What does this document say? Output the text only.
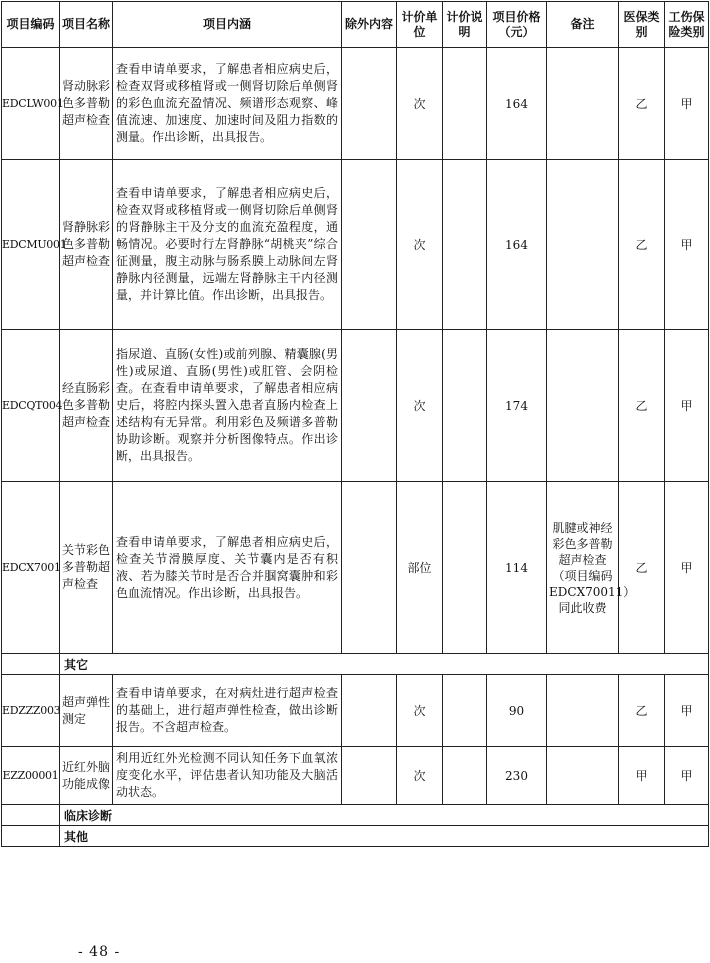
项目编码	项目名称	项目内涵	除外内容	计价单位	计价说明	项目价格（元）	备注	医保类别	工伤保险类别
EDCLW001	肾动脉彩色多普勒超声检查	查看申请单要求，了解患者相应病史后，检查双肾或移植肾或一侧肾切除后单侧肾的彩色血流充盈情况、频谱形态观察、峰值流速、加速度、加速时间及阻力指数的测量。作出诊断，出具报告。		次		164		乙	甲
EDCMU001	肾静脉彩色多普勒超声检查	查看申请单要求，了解患者相应病史后，检查双肾或移植肾或一侧肾切除后单侧肾的肾静脉主干及分支的血流充盈程度，通畅情况。必要时行左肾静脉“胡桃夹”综合征测量，腹主动脉与肠系膜上动脉间左肾静脉内径测量，远端左肾静脉主干内径测量，并计算比值。作出诊断，出具报告。		次		164		乙	甲
EDCQT004	经直肠彩色多普勒超声检查	指尿道、直肠(女性)或前列腺、精囊腺(男性)或尿道、直肠(男性)或肛管、会阴检查。在查看申请单要求，了解患者相应病史后，将腔内探头置入患者直肠内检查上述结构有无异常。利用彩色及频谱多普勒协助诊断。观察并分析图像特点。作出诊断，出具报告。		次		174		乙	甲
EDCX7001	关节彩色多普勒超声检查	查看申请单要求，了解患者相应病史后，检查关节滑膜厚度、关节囊内是否有积液、若为膝关节时是否合并腘窝囊肿和彩色血流情况。作出诊断，出具报告。		部位		114	肌腱或神经彩色多普勒超声检查（项目编码EDCX70011）同此收费	乙	甲
	其它								
EDZZZ003	超声弹性测定	查看申请单要求，在对病灶进行超声检查的基础上，进行超声弹性检查，做出诊断报告。不含超声检查。		次		90		乙	甲
EZZ00001	近红外脑功能成像	利用近红外光检测不同认知任务下血氧浓度变化水平，评估患者认知功能及大脑活动状态。		次		230		甲	甲
	临床诊断								
	其他								
- 48 -
